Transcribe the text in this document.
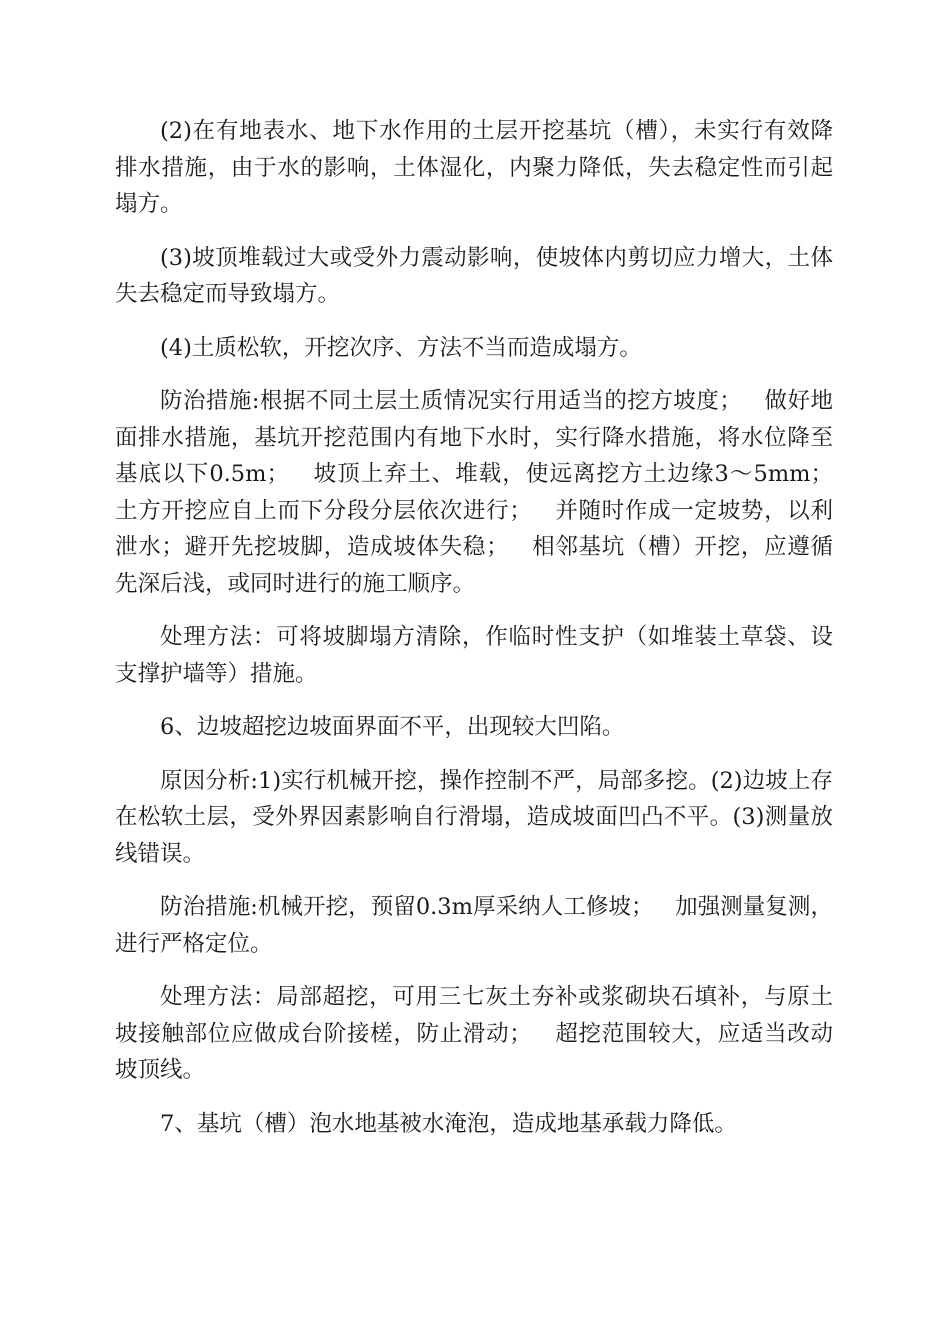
(2)在有地表水、地下水作用的土层开挖基坑（槽），未实行有效降排水措施，由于水的影响，土体湿化，内聚力降低，失去稳定性而引起塌方。

(3)坡顶堆载过大或受外力震动影响，使坡体内剪切应力增大，土体失去稳定而导致塌方。

(4)土质松软，开挖次序、方法不当而造成塌方。

防治措施:根据不同土层土质情况实行用适当的挖方坡度；   做好地面排水措施，基坑开挖范围内有地下水时，实行降水措施，将水位降至基底以下0.5m；   坡顶上弃土、堆载，使远离挖方土边缘3～5mm；   土方开挖应自上而下分段分层依次进行；   并随时作成一定坡势，以利泄水；避开先挖坡脚，造成坡体失稳；   相邻基坑（槽）开挖，应遵循先深后浅，或同时进行的施工顺序。

处理方法：可将坡脚塌方清除，作临时性支护（如堆装土草袋、设支撑护墙等）措施。

6、边坡超挖边坡面界面不平，出现较大凹陷。

原因分析:1)实行机械开挖，操作控制不严，局部多挖。(2)边坡上存在松软土层，受外界因素影响自行滑塌，造成坡面凹凸不平。(3)测量放线错误。

防治措施:机械开挖，预留0.3m厚采纳人工修坡；   加强测量复测，进行严格定位。

处理方法：局部超挖，可用三七灰土夯补或浆砌块石填补，与原土坡接触部位应做成台阶接槎，防止滑动；   超挖范围较大，应适当改动坡顶线。

7、基坑（槽）泡水地基被水淹泡，造成地基承载力降低。
